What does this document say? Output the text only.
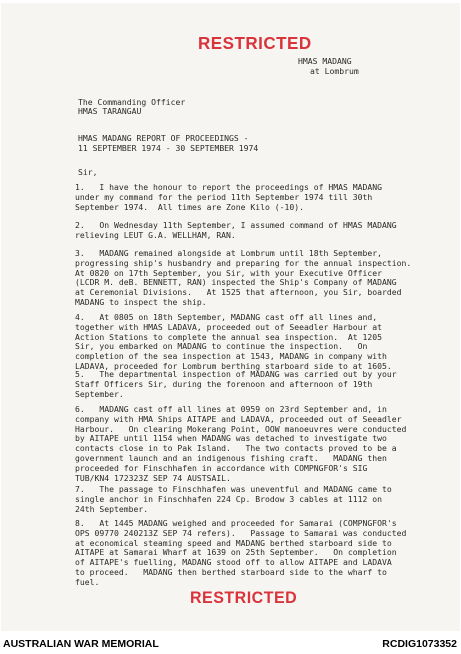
RESTRICTED
HMAS MADANG
at Lombrum
The Commanding Officer
HMAS TARANGAU
HMAS MADANG REPORT OF PROCEEDINGS -
11 SEPTEMBER 1974 - 30 SEPTEMBER 1974
Sir,
1.   I have the honour to report the proceedings of HMAS MADANG
under my command for the period 11th September 1974 till 30th
September 1974.  All times are Zone Kilo (-10).
2.   On Wednesday 11th September, I assumed command of HMAS MADANG
relieving LEUT G.A. WELLHAM, RAN.
3.   MADANG remained alongside at Lombrum until 18th September,
progressing ship's husbandry and preparing for the annual inspection.
At 0820 on 17th September, you Sir, with your Executive Officer
(LCDR M. deB. BENNETT, RAN) inspected the Ship's Company of MADANG
at Ceremonial Divisions.   At 1525 that afternoon, you Sir, boarded
MADANG to inspect the ship.
4.   At 0805 on 18th September, MADANG cast off all lines and,
together with HMAS LADAVA, proceeded out of Seeadler Harbour at
Action Stations to complete the annual sea inspection.  At 1205
Sir, you embarked on MADANG to continue the inspection.   On
completion of the sea inspection at 1543, MADANG in company with
LADAVA, proceeded for Lombrum berthing starboard side to at 1605.
5.   The departmental inspection of MADANG was carried out by your
Staff Officers Sir, during the forenoon and afternoon of 19th
September.
6.   MADANG cast off all lines at 0959 on 23rd September and, in
company with HMA Ships AITAPE and LADAVA, proceeded out of Seeadler
Harbour.   On clearing Mokerang Point, OOW manoeuvres were conducted
by AITAPE until 1154 when MADANG was detached to investigate two
contacts close in to Pak Island.   The two contacts proved to be a
government launch and an indigenous fishing craft.   MADANG then
proceeded for Finschhafen in accordance with COMPNGFOR's SIG
TUB/KN4 172323Z SEP 74 AUSTSAIL.
7.   The passage to Finschhafen was uneventful and MADANG came to
single anchor in Finschhafen 224 Cp. Brodow 3 cables at 1112 on
24th September.
8.   At 1445 MADANG weighed and proceeded for Samarai (COMPNGFOR's
OPS 09770 240213Z SEP 74 refers).   Passage to Samarai was conducted
at economical steaming speed and MADANG berthed starboard side to
AITAPE at Samarai Wharf at 1639 on 25th September.   On completion
of AITAPE's fuelling, MADANG stood off to allow AITAPE and LADAVA
to proceed.   MADANG then berthed starboard side to the wharf to
fuel.
RESTRICTED
AUSTRALIAN WAR MEMORIAL	RCDIG1073352
